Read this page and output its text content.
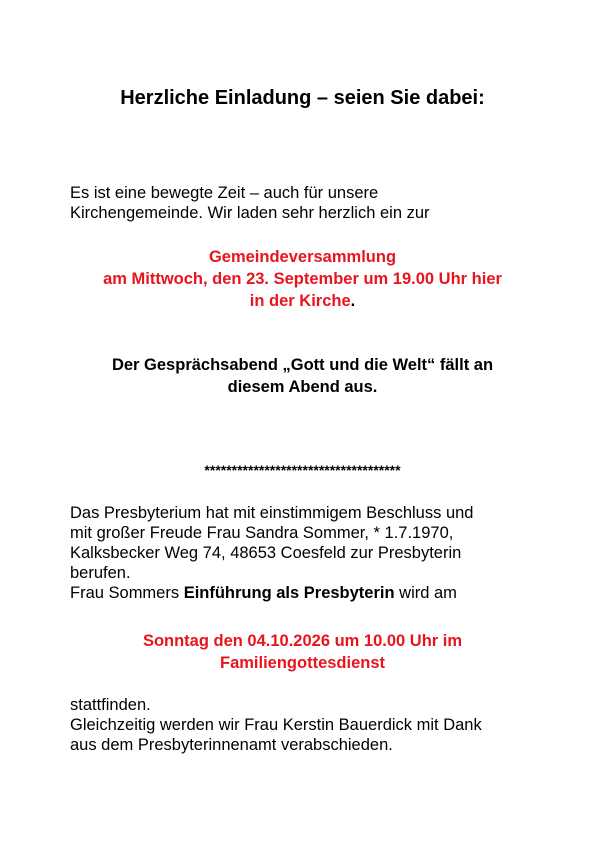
Herzliche Einladung – seien Sie dabei:
Es ist eine bewegte Zeit – auch für unsere
Kirchengemeinde. Wir laden sehr herzlich ein zur
Gemeindeversammlung
am Mittwoch, den 23. September um 19.00 Uhr hier
in der Kirche.
Der Gesprächsabend „Gott und die Welt“ fällt an
diesem Abend aus.
************************************
Das Presbyterium hat mit einstimmigem Beschluss und
mit großer Freude Frau Sandra Sommer, * 1.7.1970,
Kalksbecker Weg 74, 48653 Coesfeld zur Presbyterin
berufen.
Frau Sommers Einführung als Presbyterin wird am
Sonntag den 04.10.2026 um 10.00 Uhr im
Familiengottesdienst
stattfinden.
Gleichzeitig werden wir Frau Kerstin Bauerdick mit Dank
aus dem Presbyterinnenamt verabschieden.
